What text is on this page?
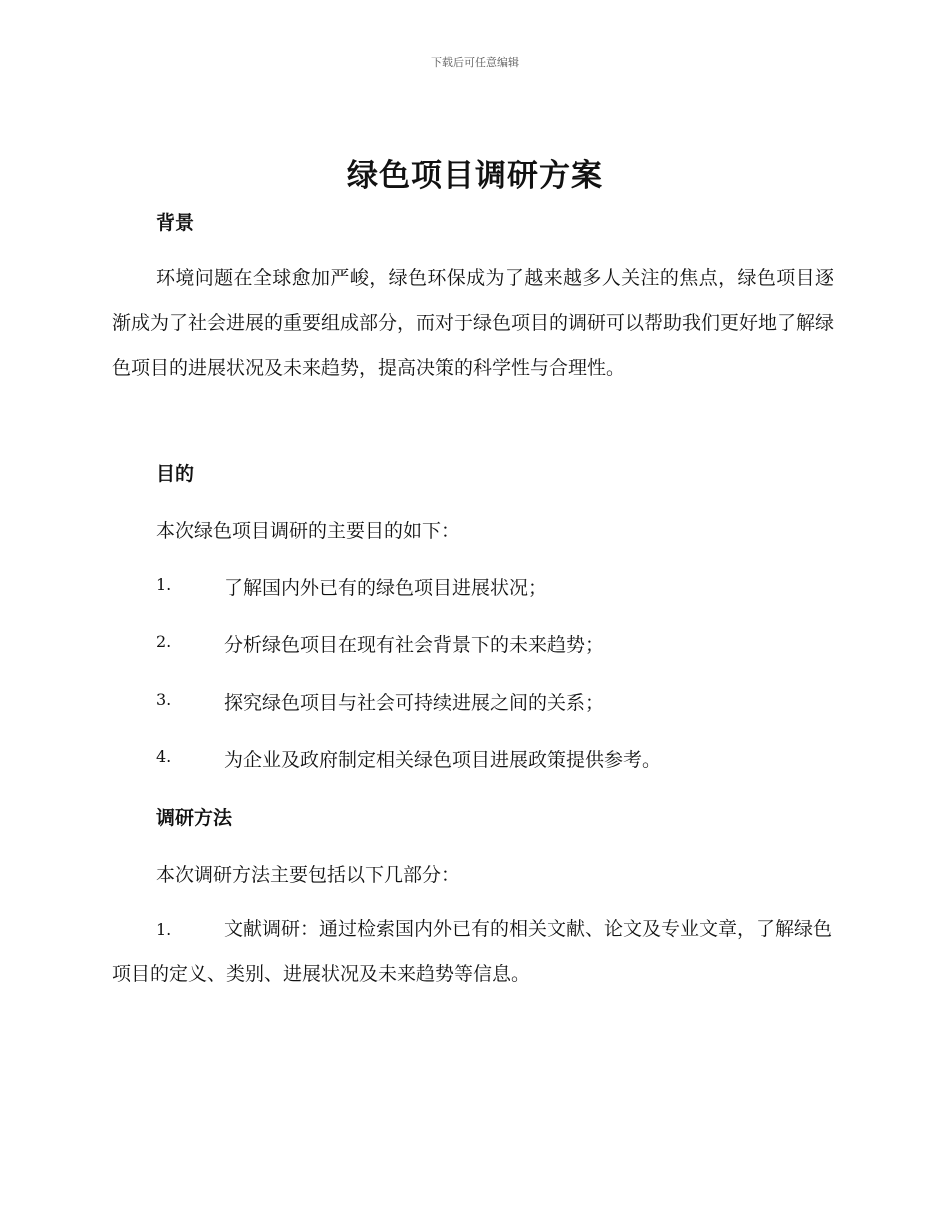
下载后可任意编辑
绿色项目调研方案
背景
环境问题在全球愈加严峻，绿色环保成为了越来越多人关注的焦点，绿色项目逐渐成为了社会进展的重要组成部分，而对于绿色项目的调研可以帮助我们更好地了解绿色项目的进展状况及未来趋势，提高决策的科学性与合理性。
目的
本次绿色项目调研的主要目的如下：
1.	了解国内外已有的绿色项目进展状况；
2.	分析绿色项目在现有社会背景下的未来趋势；
3.	探究绿色项目与社会可持续进展之间的关系；
4.	为企业及政府制定相关绿色项目进展政策提供参考。
调研方法
本次调研方法主要包括以下几部分：
1.	文献调研：通过检索国内外已有的相关文献、论文及专业文章，了解绿色项目的定义、类别、进展状况及未来趋势等信息。
